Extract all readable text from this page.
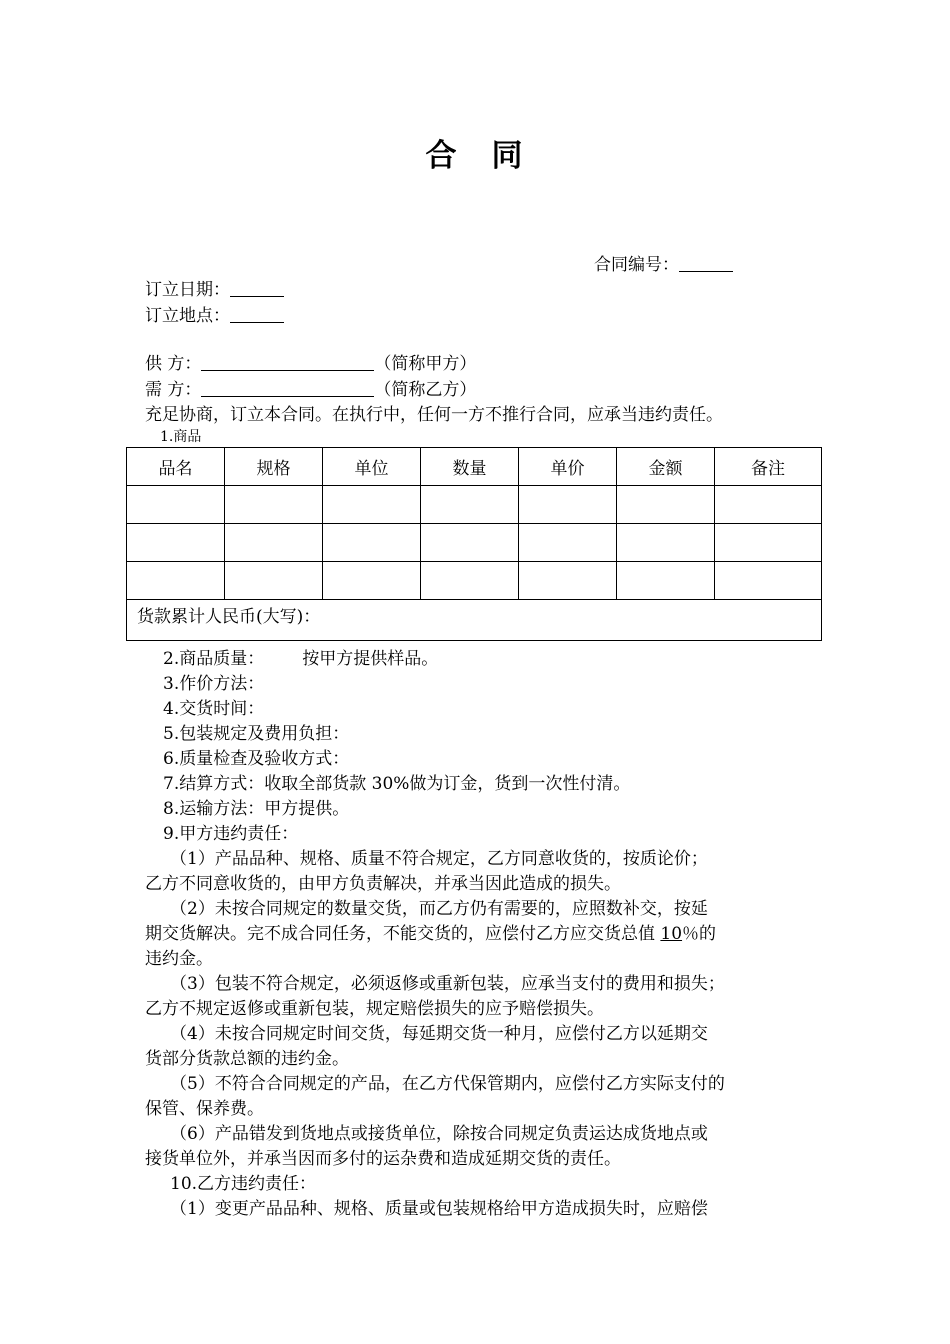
合　同
合同编号：
订立日期：
订立地点：
供 方：	（简称甲方）
需 方：	（简称乙方）
充足协商，订立本合同。在执行中，任何一方不推行合同，应承当违约责任。
1.商品
品名	规格	单位	数量	单价	金额	备注

货款累计人民币(大写)：						
2.商品质量： 按甲方提供样品。
3.作价方法：
4.交货时间：
5.包装规定及费用负担：
6.质量检查及验收方式：
7.结算方式：收取全部货款 30%做为订金，货到一次性付清。
8.运输方法：甲方提供。
9.甲方违约责任：
（1）产品品种、规格、质量不符合规定，乙方同意收货的，按质论价；
乙方不同意收货的，由甲方负责解决，并承当因此造成的损失。
（2）未按合同规定的数量交货，而乙方仍有需要的，应照数补交，按延
期交货解决。完不成合同任务，不能交货的，应偿付乙方应交货总值 10％的
违约金。
（3）包装不符合规定，必须返修或重新包装，应承当支付的费用和损失；
乙方不规定返修或重新包装，规定赔偿损失的应予赔偿损失。
（4）未按合同规定时间交货，每延期交货一种月，应偿付乙方以延期交
货部分货款总额的违约金。
（5）不符合合同规定的产品，在乙方代保管期内，应偿付乙方实际支付的
保管、保养费。
（6）产品错发到货地点或接货单位，除按合同规定负责运达成货地点或
接货单位外，并承当因而多付的运杂费和造成延期交货的责任。
10.乙方违约责任：
（1）变更产品品种、规格、质量或包装规格给甲方造成损失时，应赔偿
